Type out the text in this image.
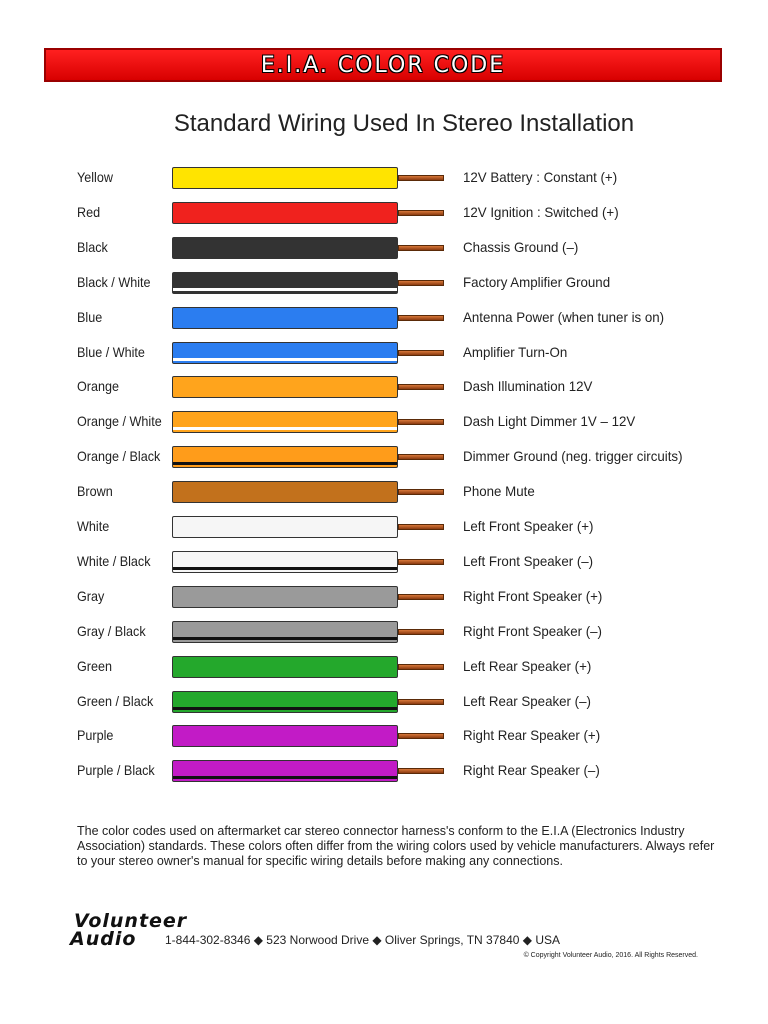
E.I.A. COLOR CODE
Standard Wiring Used In Stereo Installation
Yellow	12V Battery : Constant (+)
Red	12V Ignition : Switched (+)
Black	Chassis Ground (–)
Black / White	Factory Amplifier Ground
Blue	Antenna Power (when tuner is on)
Blue / White	Amplifier Turn-On
Orange	Dash Illumination 12V
Orange / White	Dash Light Dimmer 1V – 12V
Orange / Black	Dimmer Ground (neg. trigger circuits)
Brown	Phone Mute
White	Left Front Speaker (+)
White / Black	Left Front Speaker (–)
Gray	Right Front Speaker (+)
Gray / Black	Right Front Speaker (–)
Green	Left Rear Speaker (+)
Green / Black	Left Rear Speaker (–)
Purple	Right Rear Speaker (+)
Purple / Black	Right Rear Speaker (–)
The color codes used on aftermarket car stereo connector harness's conform to the E.I.A (Electronics Industry Association) standards. These colors often differ from the wiring colors used by vehicle manufacturers. Always refer to your stereo owner's manual for specific wiring details before making any connections.
Volunteer
Audio 1-844-302-8346 ◆ 523 Norwood Drive ◆ Oliver Springs, TN 37840 ◆ USA
© Copyright Volunteer Audio, 2016. All Rights Reserved.
